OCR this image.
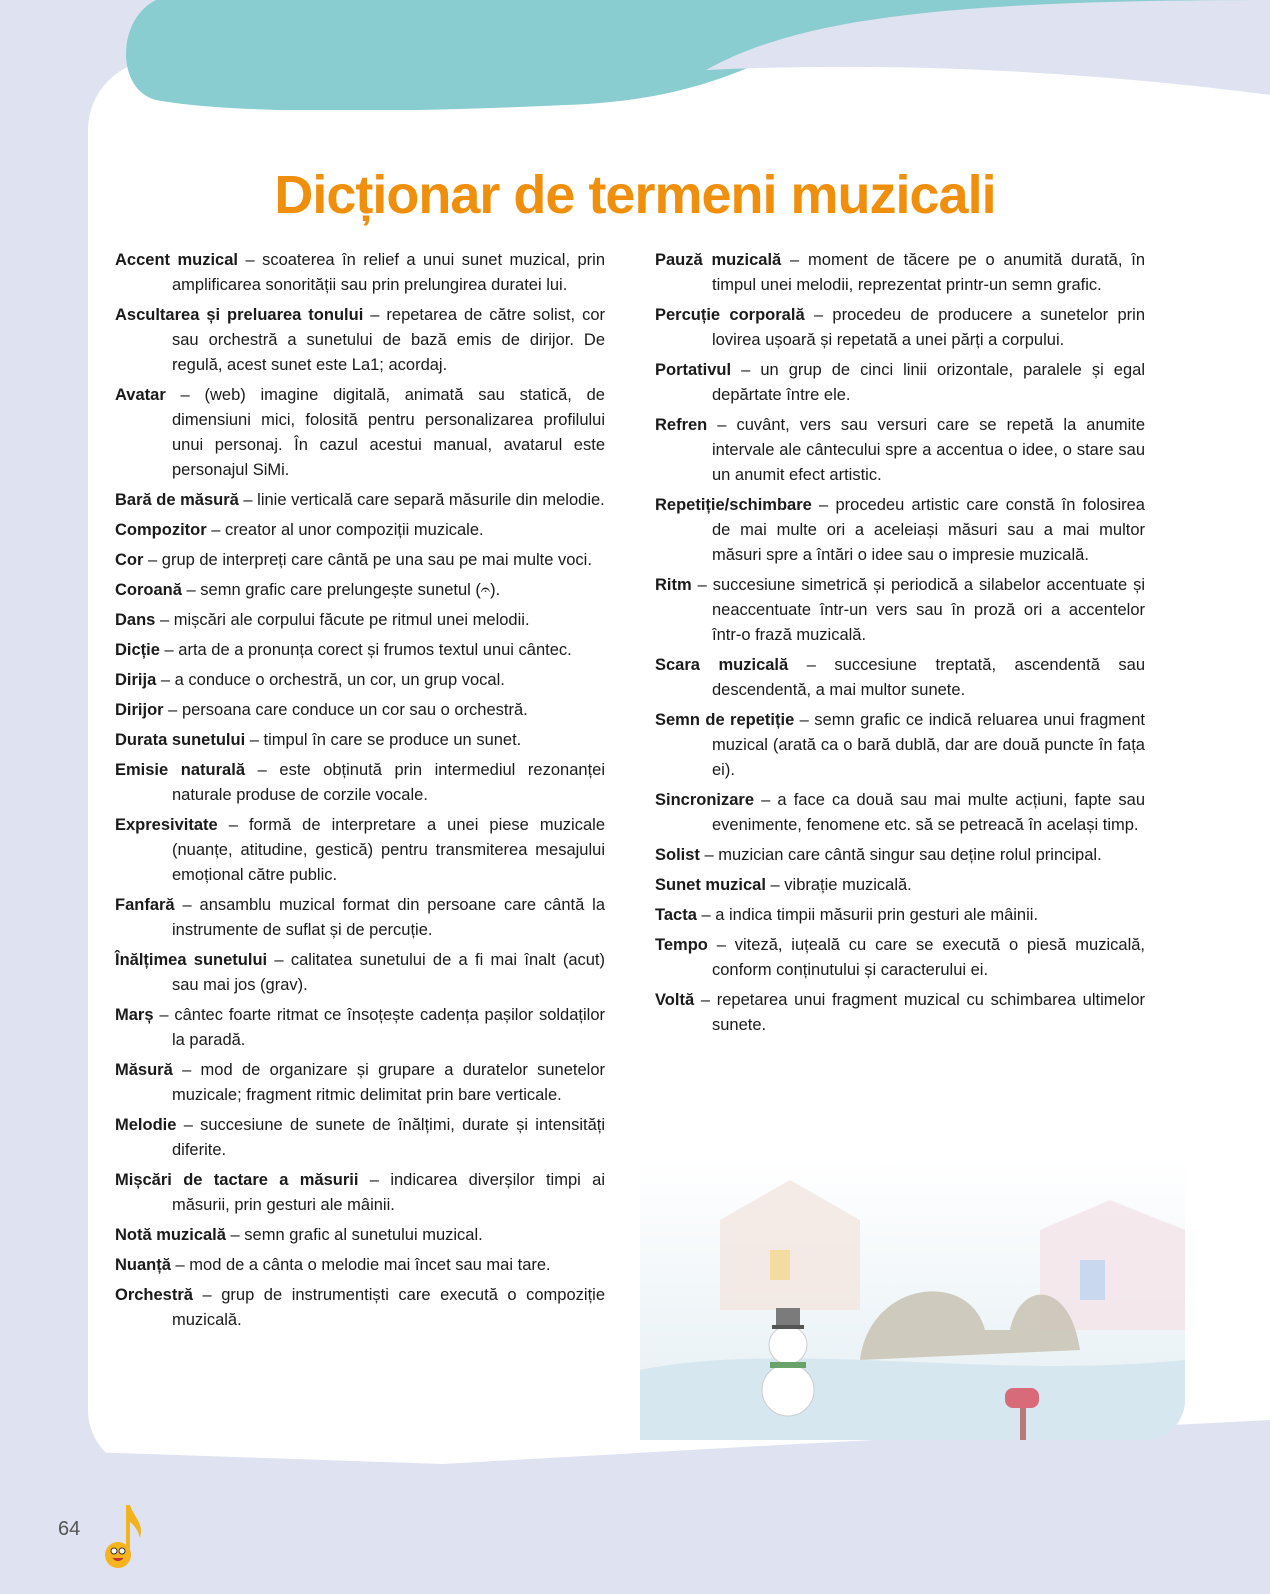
Dicționar de termeni muzicali
Accent muzical – scoaterea în relief a unui sunet muzical, prin amplificarea sonorității sau prin prelungirea duratei lui.
Ascultarea și preluarea tonului – repetarea de către solist, cor sau orchestră a sunetului de bază emis de dirijor. De regulă, acest sunet este La1; acordaj.
Avatar – (web) imagine digitală, animată sau statică, de dimensiuni mici, folosită pentru personalizarea profilului unui personaj. În cazul acestui manual, avatarul este personajul SiMi.
Bară de măsură – linie verticală care separă măsurile din melodie.
Compozitor – creator al unor compoziții muzicale.
Cor – grup de interpreți care cântă pe una sau pe mai multe voci.
Coroană – semn grafic care prelungește sunetul (𝄐).
Dans – mișcări ale corpului făcute pe ritmul unei melodii.
Dicție – arta de a pronunța corect și frumos textul unui cântec.
Dirija – a conduce o orchestră, un cor, un grup vocal.
Dirijor – persoana care conduce un cor sau o orchestră.
Durata sunetului – timpul în care se produce un sunet.
Emisie naturală – este obținută prin intermediul rezonanței naturale produse de corzile vocale.
Expresivitate – formă de interpretare a unei piese muzicale (nuanțe, atitudine, gestică) pentru transmiterea mesajului emoțional către public.
Fanfară – ansamblu muzical format din persoane care cântă la instrumente de suflat și de percuție.
Înălțimea sunetului – calitatea sunetului de a fi mai înalt (acut) sau mai jos (grav).
Marș – cântec foarte ritmat ce însoțește cadența pașilor soldaților la paradă.
Măsură – mod de organizare și grupare a duratelor sunetelor muzicale; fragment ritmic delimitat prin bare verticale.
Melodie – succesiune de sunete de înălțimi, durate și intensități diferite.
Mișcări de tactare a măsurii – indicarea diverșilor timpi ai măsurii, prin gesturi ale mâinii.
Notă muzicală – semn grafic al sunetului muzical.
Nuanță – mod de a cânta o melodie mai încet sau mai tare.
Orchestră – grup de instrumentiști care execută o compoziție muzicală.
Pauză muzicală – moment de tăcere pe o anumită durată, în timpul unei melodii, reprezentat printr-un semn grafic.
Percuție corporală – procedeu de producere a sunetelor prin lovirea ușoară și repetată a unei părți a corpului.
Portativul – un grup de cinci linii orizontale, paralele și egal depărtate între ele.
Refren – cuvânt, vers sau versuri care se repetă la anumite intervale ale cântecului spre a accentua o idee, o stare sau un anumit efect artistic.
Repetiție/schimbare – procedeu artistic care constă în folosirea de mai multe ori a aceleiași măsuri sau a mai multor măsuri spre a întări o idee sau o impresie muzicală.
Ritm – succesiune simetrică și periodică a silabelor accentuate și neaccentuate într-un vers sau în proză ori a accentelor într-o frază muzicală.
Scara muzicală – succesiune treptată, ascendentă sau descendentă, a mai multor sunete.
Semn de repetiție – semn grafic ce indică reluarea unui fragment muzical (arată ca o bară dublă, dar are două puncte în fața ei).
Sincronizare – a face ca două sau mai multe acțiuni, fapte sau evenimente, fenomene etc. să se petreacă în același timp.
Solist – muzician care cântă singur sau deține rolul principal.
Sunet muzical – vibrație muzicală.
Tacta – a indica timpii măsurii prin gesturi ale mâinii.
Tempo – viteză, iuțeală cu care se execută o piesă muzicală, conform conținutului și caracterului ei.
Voltă – repetarea unui fragment muzical cu schimbarea ultimelor sunete.
64
